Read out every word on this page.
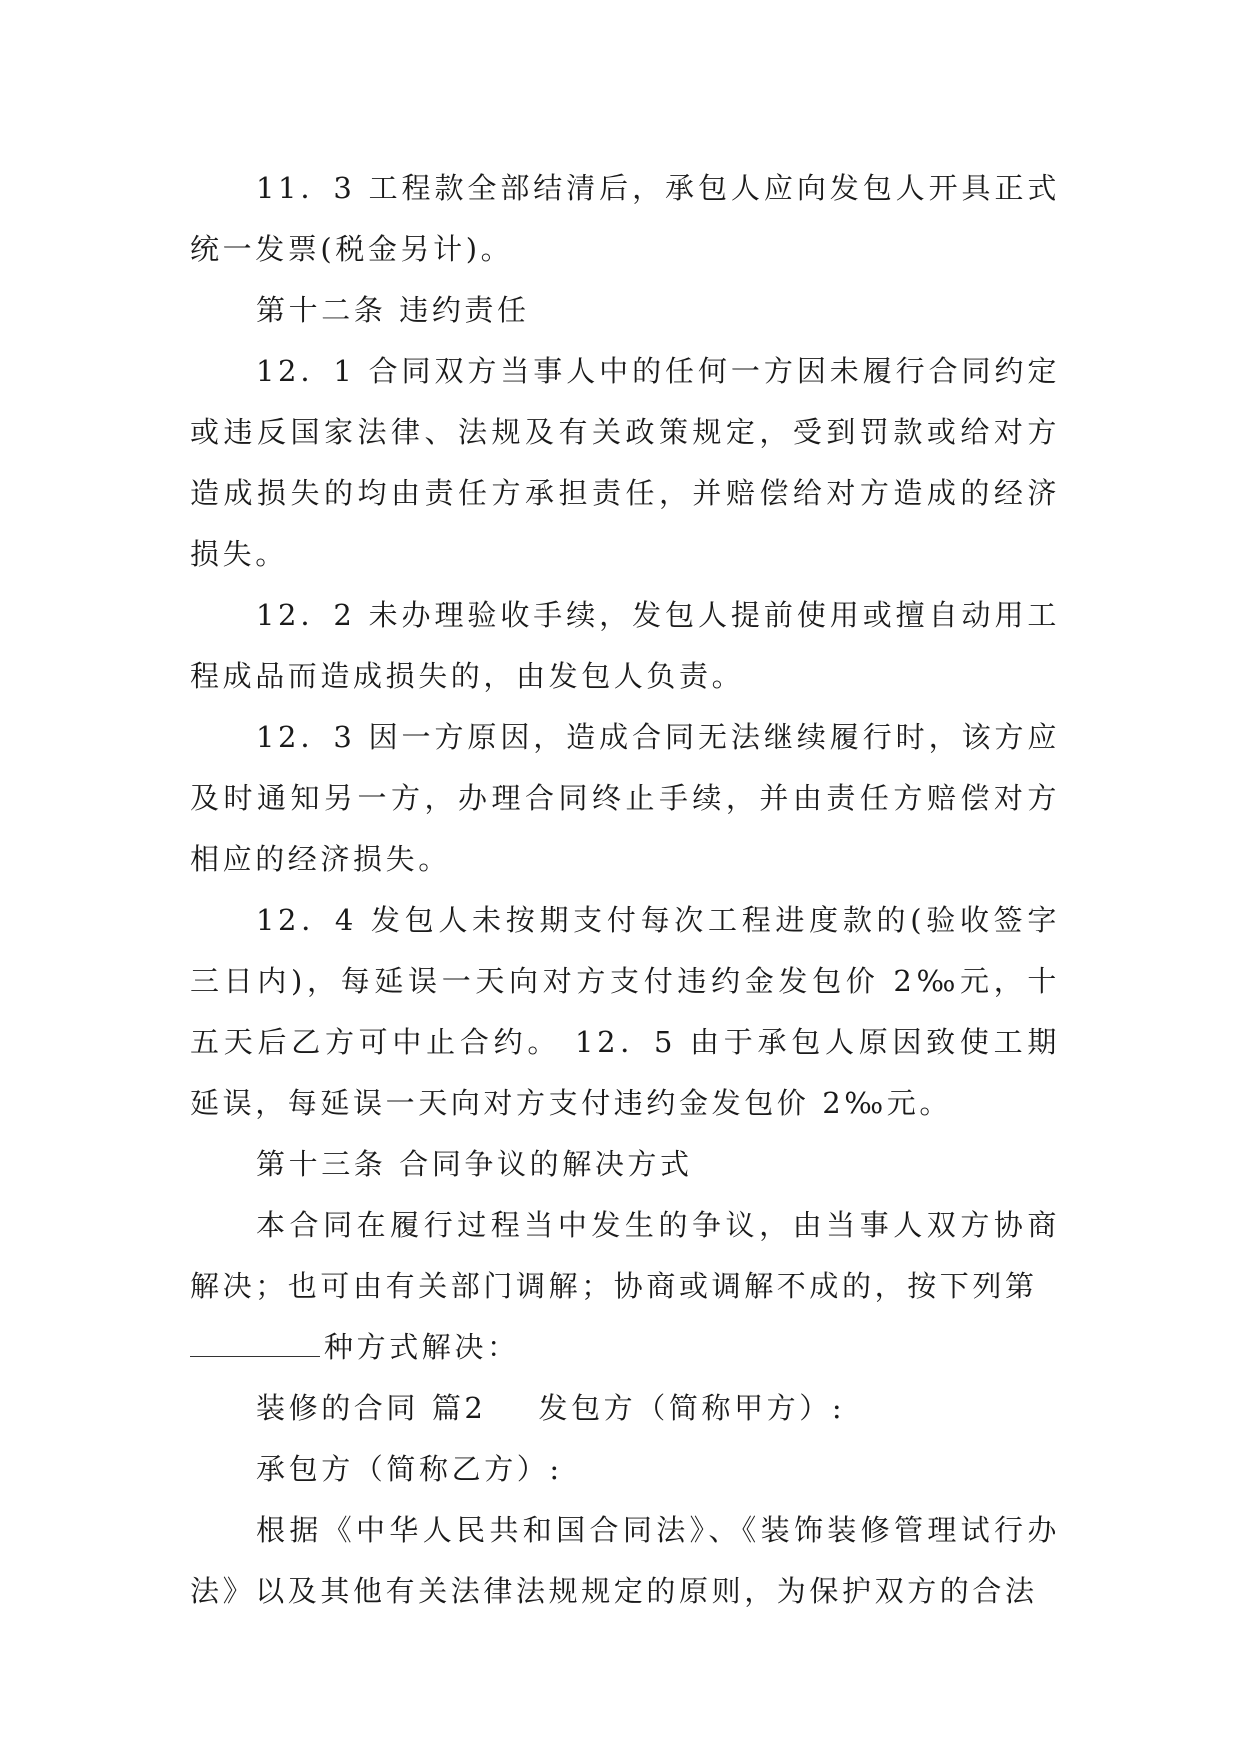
11．3 工程款全部结清后，承包人应向发包人开具正式统一发票(税金另计)。

第十二条 违约责任

12．1 合同双方当事人中的任何一方因未履行合同约定或违反国家法律、法规及有关政策规定，受到罚款或给对方造成损失的均由责任方承担责任，并赔偿给对方造成的经济损失。

12．2 未办理验收手续，发包人提前使用或擅自动用工程成品而造成损失的，由发包人负责。

12．3 因一方原因，造成合同无法继续履行时，该方应及时通知另一方，办理合同终止手续，并由责任方赔偿对方相应的经济损失。

12．4 发包人未按期支付每次工程进度款的(验收签字三日内)，每延误一天向对方支付违约金发包价 2‰元，十五天后乙方可中止合约。 12．5 由于承包人原因致使工期延误，每延误一天向对方支付违约金发包价 2‰元。

第十三条 合同争议的解决方式

本合同在履行过程当中发生的争议，由当事人双方协商解决；也可由有关部门调解；协商或调解不成的，按下列第

种方式解决：

装修的合同 篇2 发包方（简称甲方）:

承包方（简称乙方）:

根据《中华人民共和国合同法》、《装饰装修管理试行办法》以及其他有关法律法规规定的原则，为保护双方的合法
